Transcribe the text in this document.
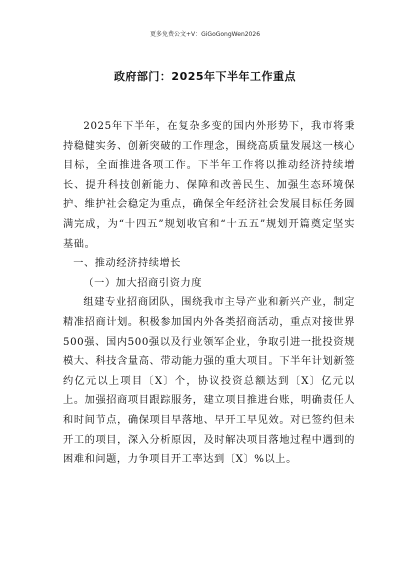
更多免费公文+V：GiGoGongWen2026
政府部门：2025年下半年工作重点

2025年下半年，在复杂多变的国内外形势下，我市将秉持稳健实务、创新突破的工作理念，围绕高质量发展这一核心目标，全面推进各项工作。下半年工作将以推动经济持续增长、提升科技创新能力、保障和改善民生、加强生态环境保护、维护社会稳定为重点，确保全年经济社会发展目标任务圆满完成，为“十四五”规划收官和“十五五”规划开篇奠定坚实基础。

一、推动经济持续增长

（一）加大招商引资力度

组建专业招商团队，围绕我市主导产业和新兴产业，制定精准招商计划。积极参加国内外各类招商活动，重点对接世界500强、国内500强以及行业领军企业，争取引进一批投资规模大、科技含量高、带动能力强的重大项目。下半年计划新签约亿元以上项目〔X〕个，协议投资总额达到〔X〕亿元以上。加强招商项目跟踪服务，建立项目推进台账，明确责任人和时间节点，确保项目早落地、早开工早见效。对已签约但未开工的项目，深入分析原因，及时解决项目落地过程中遇到的困难和问题，力争项目开工率达到〔X〕%以上。
